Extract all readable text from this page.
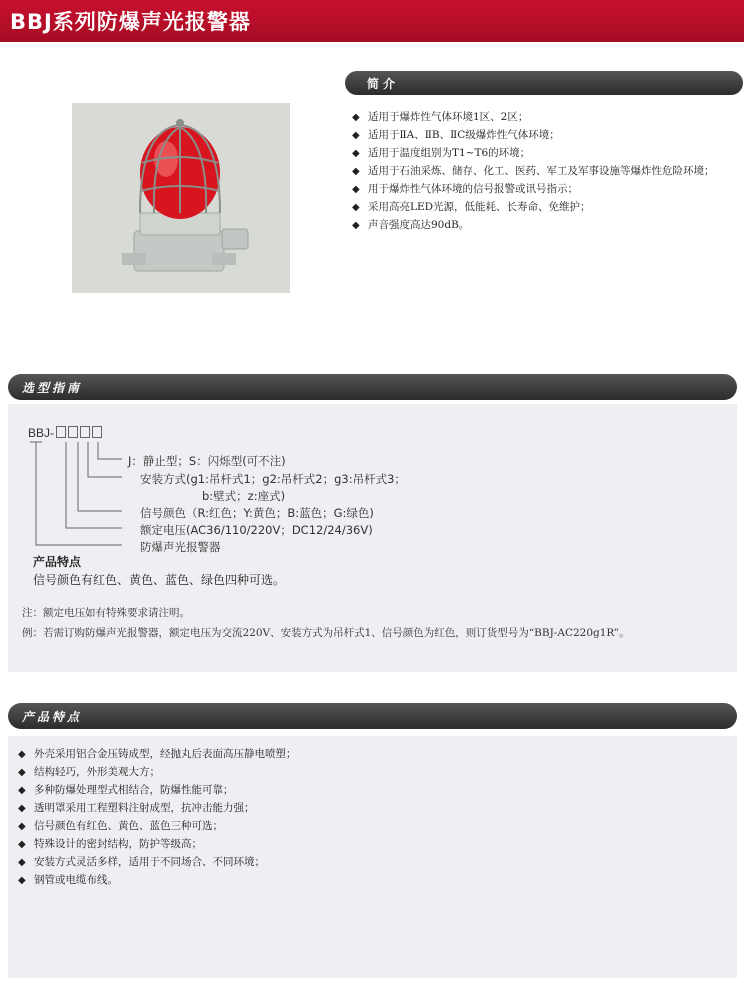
BBJ系列防爆声光报警器
简介
◆ 适用于爆炸性气体环境1区、2区；
◆ 适用于ⅡA、ⅡB、ⅡC级爆炸性气体环境；
◆ 适用于温度组别为T1~T6的环境；
◆ 适用于石油采炼、储存、化工、医药、军工及军事设施等爆炸性危险环境；
◆ 用于爆炸性气体环境的信号报警或讯号指示；
◆ 采用高亮LED光源，低能耗、长寿命、免维护；
◆ 声音强度高达90dB。
选型指南
BBJ-
J：静止型；S：闪烁型(可不注)
安装方式(g1:吊杆式1；g2:吊杆式2；g3:吊杆式3；
b:壁式；z:座式)
信号颜色（R:红色；Y:黄色；B:蓝色；G:绿色)
额定电压(AC36/110/220V；DC12/24/36V)
防爆声光报警器
产品特点
信号颜色有红色、黄色、蓝色、绿色四种可选。
注：额定电压如有特殊要求请注明。
例：若需订购防爆声光报警器，额定电压为交流220V、安装方式为吊杆式1、信号颜色为红色，则订货型号为“BBJ-AC220g1R”。
产品特点
◆ 外壳采用铝合金压铸成型，经抛丸后表面高压静电喷塑；
◆ 结构轻巧，外形美观大方；
◆ 多种防爆处理型式相结合，防爆性能可靠；
◆ 透明罩采用工程塑料注射成型，抗冲击能力强；
◆ 信号颜色有红色、黄色、蓝色三种可选；
◆ 特殊设计的密封结构，防护等级高；
◆ 安装方式灵活多样，适用于不同场合、不同环境；
◆ 钢管或电缆布线。
